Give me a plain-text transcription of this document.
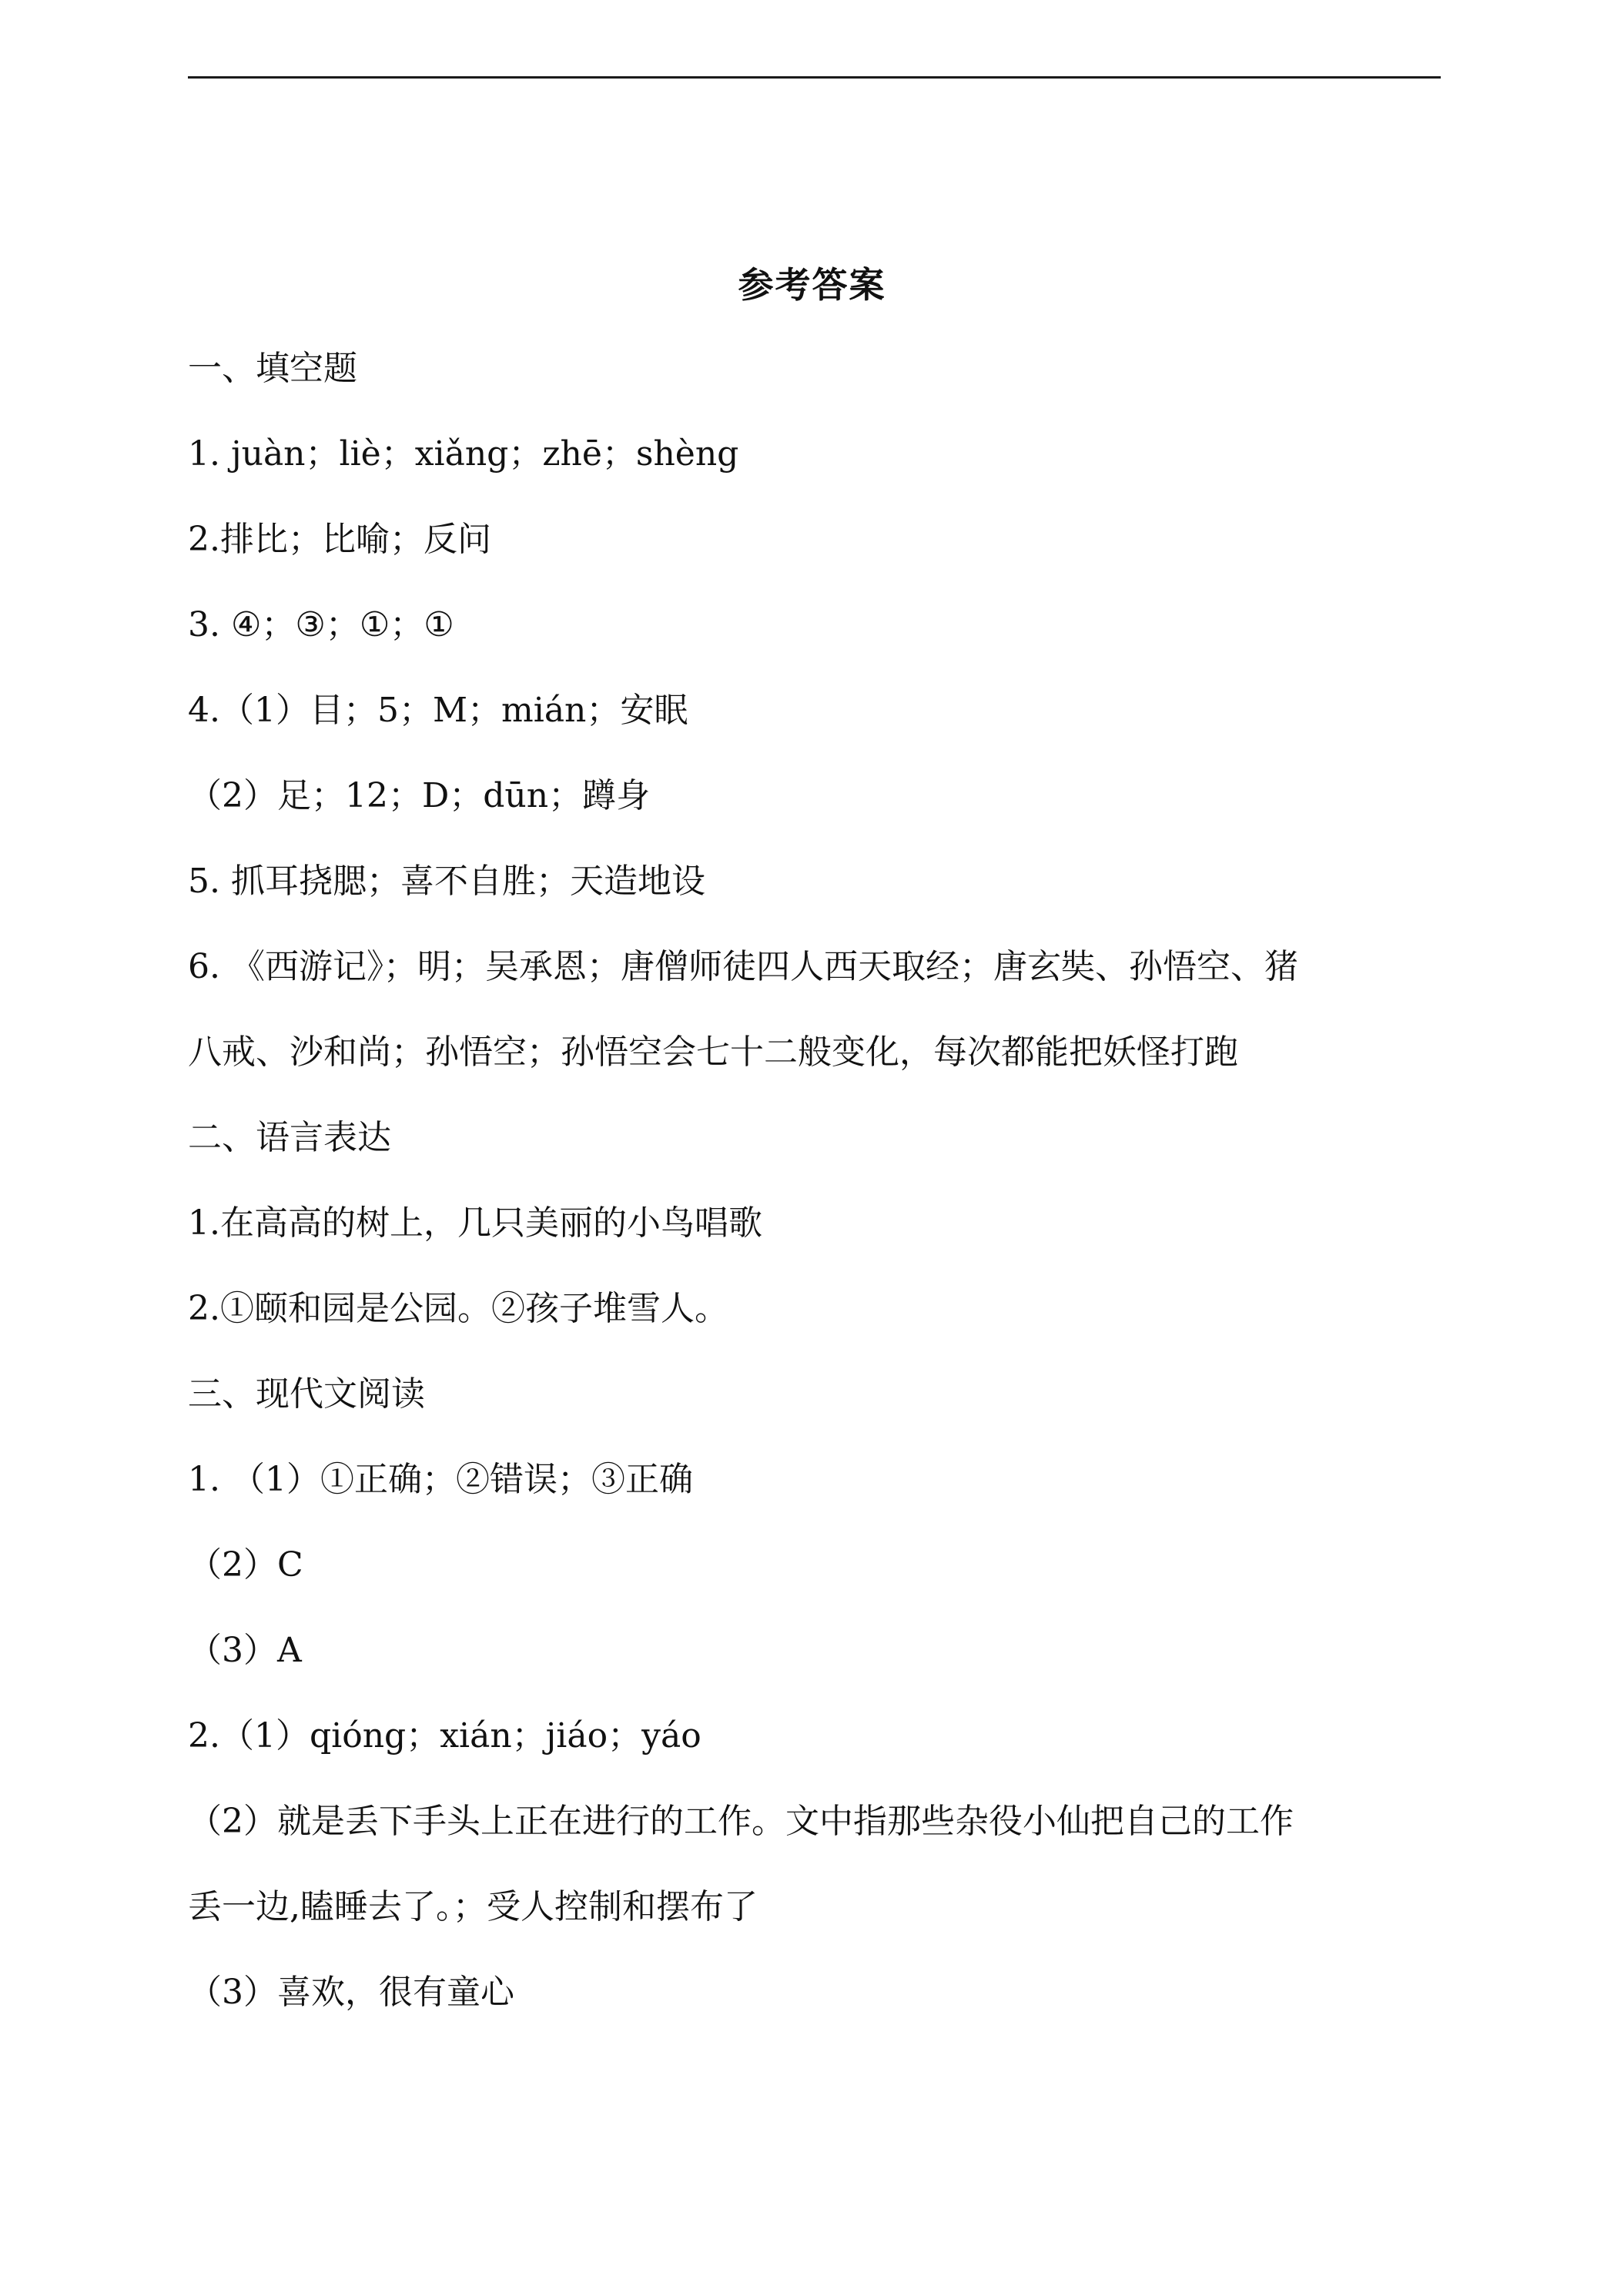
参考答案
一、填空题
1. juàn；liè；xiǎng；zhē；shèng
2.排比；比喻；反问
3. ④；③；①；①
4.（1）目；5；M；mián；安眠
（2）足；12；D；dūn；蹲身
5. 抓耳挠腮；喜不自胜；天造地设
6. 《西游记》；明；吴承恩；唐僧师徒四人西天取经；唐玄奘、孙悟空、猪
八戒、沙和尚；孙悟空；孙悟空会七十二般变化，每次都能把妖怪打跑
二、语言表达
1.在高高的树上，几只美丽的小鸟唱歌
2.①颐和园是公园。②孩子堆雪人。
三、现代文阅读
1. （1）①正确；②错误；③正确
（2）C
（3）A
2.（1）qióng；xián；jiáo；yáo
（2）就是丢下手头上正在进行的工作。文中指那些杂役小仙把自己的工作
丢一边,瞌睡去了。；受人控制和摆布了
（3）喜欢，很有童心
